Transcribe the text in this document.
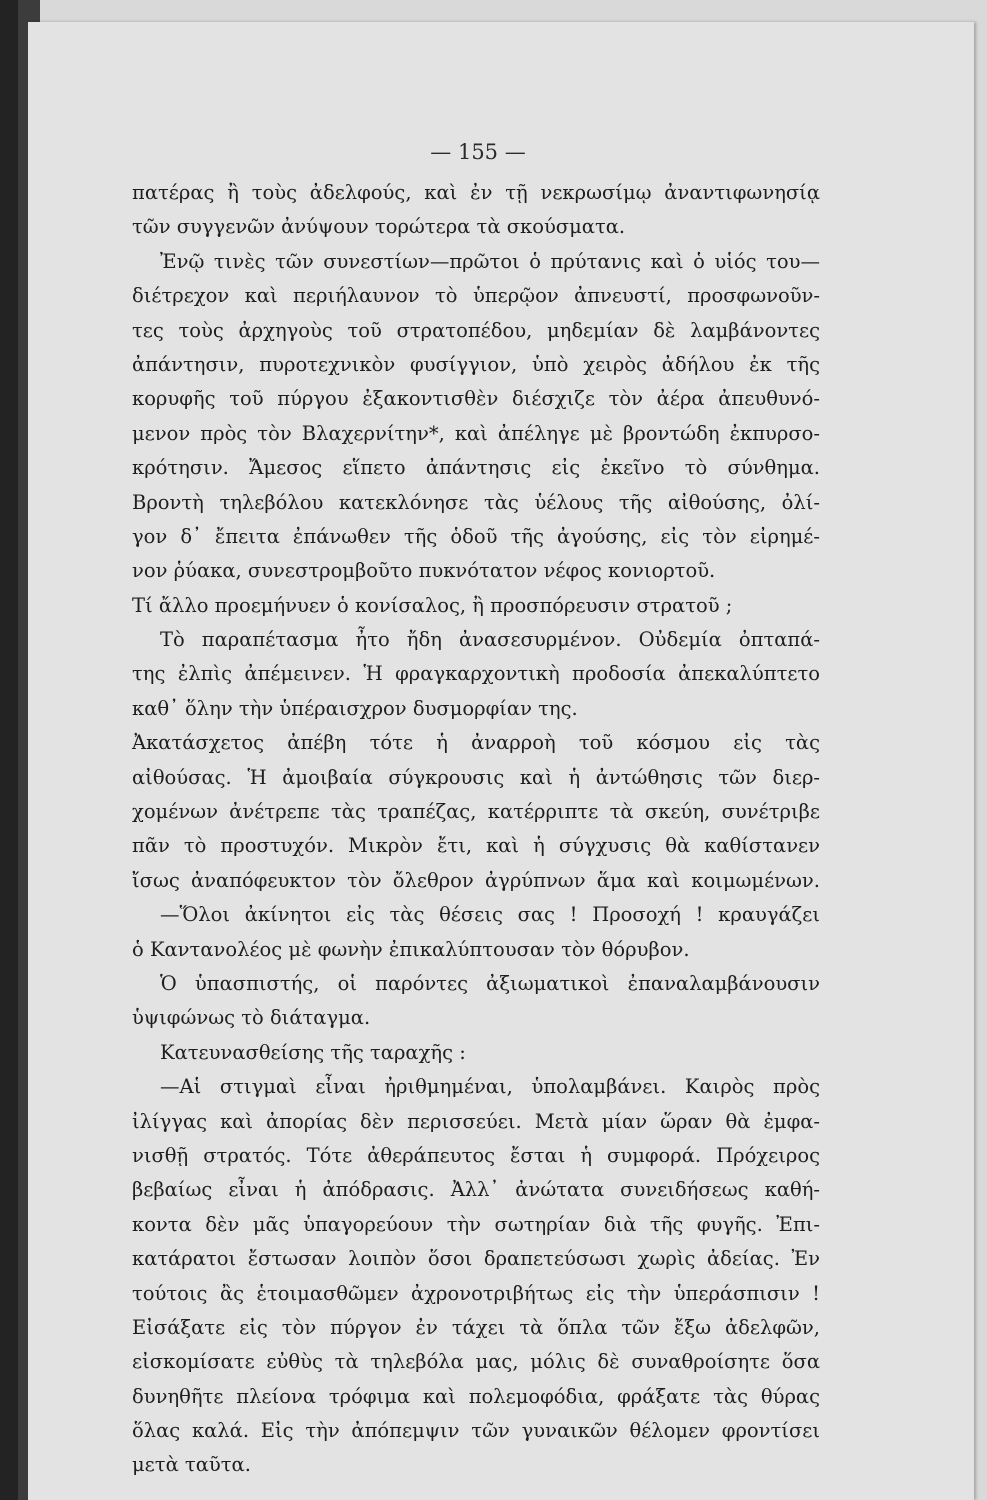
— 155 —
πατέρας ἢ τοὺς ἀδελφούς, καὶ ἐν τῇ νεκρωσίμῳ ἀναντιφωνησίᾳ
τῶν συγγενῶν ἀνύψουν τορώτερα τὰ σκούσματα.
Ἐνῷ τινὲς τῶν συνεστίων—πρῶτοι ὁ πρύτανις καὶ ὁ υἱός του—
διέτρεχον καὶ περιήλαυνον τὸ ὑπερῷον ἀπνευστί, προσφωνοῦν-
τες τοὺς ἀρχηγοὺς τοῦ στρατοπέδου, μηδεμίαν δὲ λαμβάνοντες
ἀπάντησιν, πυροτεχνικὸν φυσίγγιον, ὑπὸ χειρὸς ἀδήλου ἐκ τῆς
κορυφῆς τοῦ πύργου ἐξακοντισθὲν διέσχιζε τὸν ἀέρα ἀπευθυνό-
μενον πρὸς τὸν Βλαχερνίτην*, καὶ ἀπέληγε μὲ βροντώδη ἐκπυρσο-
κρότησιν. Ἄμεσος εἵπετο ἀπάντησις εἰς ἐκεῖνο τὸ σύνθημα.
Βροντὴ τηλεβόλου κατεκλόνησε τὰς ὑέλους τῆς αἰθούσης, ὀλί-
γον δ᾽ ἔπειτα ἐπάνωθεν τῆς ὁδοῦ τῆς ἀγούσης, εἰς τὸν εἰρημέ-
νον ῥύακα, συνεστρομβοῦτο πυκνότατον νέφος κονιορτοῦ.
Τί ἄλλο προεμήνυεν ὁ κονίσαλος, ἢ προσπόρευσιν στρατοῦ ;
Τὸ παραπέτασμα ἦτο ἤδη ἀνασεσυρμένον. Οὐδεμία ὀπταπά-
της ἐλπὶς ἀπέμεινεν. Ἡ φραγκαρχοντικὴ προδοσία ἀπεκαλύπτετο
καθ᾽ ὅλην τὴν ὑπέραισχρον δυσμορφίαν της.
Ἀκατάσχετος ἀπέβη τότε ἡ ἀναρροὴ τοῦ κόσμου εἰς τὰς
αἰθούσας. Ἡ ἀμοιβαία σύγκρουσις καὶ ἡ ἀντώθησις τῶν διερ-
χομένων ἀνέτρεπε τὰς τραπέζας, κατέρριπτε τὰ σκεύη, συνέτριβε
πᾶν τὸ προστυχόν. Μικρὸν ἔτι, καὶ ἡ σύγχυσις θὰ καθίστανεν
ἴσως ἀναπόφευκτον τὸν ὄλεθρον ἀγρύπνων ἅμα καὶ κοιμωμένων.
—Ὅλοι ἀκίνητοι εἰς τὰς θέσεις σας ! Προσοχή ! κραυγάζει
ὁ Καντανολέος μὲ φωνὴν ἐπικαλύπτουσαν τὸν θόρυβον.
Ὁ ὑπασπιστής, οἱ παρόντες ἀξιωματικοὶ ἐπαναλαμβάνουσιν
ὑψιφώνως τὸ διάταγμα.
Κατευνασθείσης τῆς ταραχῆς :
—Αἱ στιγμαὶ εἶναι ἠριθμημέναι, ὑπολαμβάνει. Καιρὸς πρὸς
ἰλίγγας καὶ ἀπορίας δὲν περισσεύει. Μετὰ μίαν ὥραν θὰ ἐμφα-
νισθῇ στρατός. Τότε ἀθεράπευτος ἔσται ἡ συμφορά. Πρόχειρος
βεβαίως εἶναι ἡ ἀπόδρασις. Ἀλλ᾽ ἀνώτατα συνειδήσεως καθή-
κοντα δὲν μᾶς ὑπαγορεύουν τὴν σωτηρίαν διὰ τῆς φυγῆς. Ἐπι-
κατάρατοι ἔστωσαν λοιπὸν ὅσοι δραπετεύσωσι χωρὶς ἀδείας. Ἐν
τούτοις ἂς ἑτοιμασθῶμεν ἀχρονοτριβήτως εἰς τὴν ὑπεράσπισιν !
Εἰσάξατε εἰς τὸν πύργον ἐν τάχει τὰ ὅπλα τῶν ἔξω ἀδελφῶν,
εἰσκομίσατε εὐθὺς τὰ τηλεβόλα μας, μόλις δὲ συναθροίσητε ὅσα
δυνηθῆτε πλείονα τρόφιμα καὶ πολεμοφόδια, φράξατε τὰς θύρας
ὅλας καλά. Εἰς τὴν ἀπόπεμψιν τῶν γυναικῶν θέλομεν φροντίσει
μετὰ ταῦτα.
